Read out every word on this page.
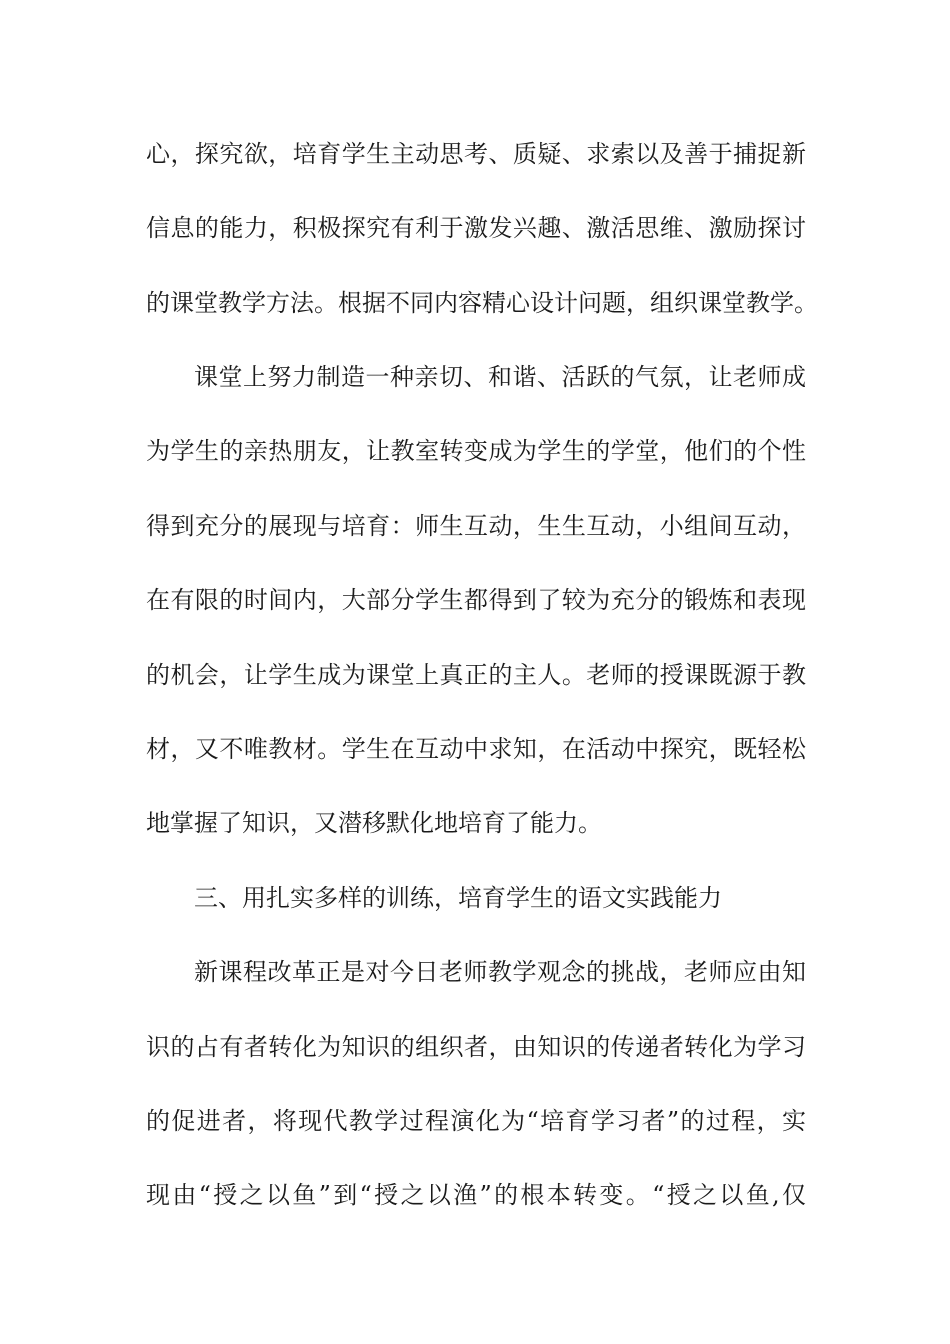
心，探究欲，培育学生主动思考、质疑、求索以及善于捕捉新
信息的能力，积极探究有利于激发兴趣、激活思维、激励探讨
的课堂教学方法。根据不同内容精心设计问题，组织课堂教学。
课堂上努力制造一种亲切、和谐、活跃的气氛，让老师成
为学生的亲热朋友，让教室转变成为学生的学堂，他们的个性
得到充分的展现与培育：师生互动，生生互动，小组间互动，
在有限的时间内，大部分学生都得到了较为充分的锻炼和表现
的机会，让学生成为课堂上真正的主人。老师的授课既源于教
材，又不唯教材。学生在互动中求知，在活动中探究，既轻松
地掌握了知识，又潜移默化地培育了能力。
三、用扎实多样的训练，培育学生的语文实践能力
新课程改革正是对今日老师教学观念的挑战，老师应由知
识的占有者转化为知识的组织者，由知识的传递者转化为学习
的促进者，将现代教学过程演化为“培育学习者”的过程，实
现由“授之以鱼”到“授之以渔”的根本转变。“授之以鱼,仅
